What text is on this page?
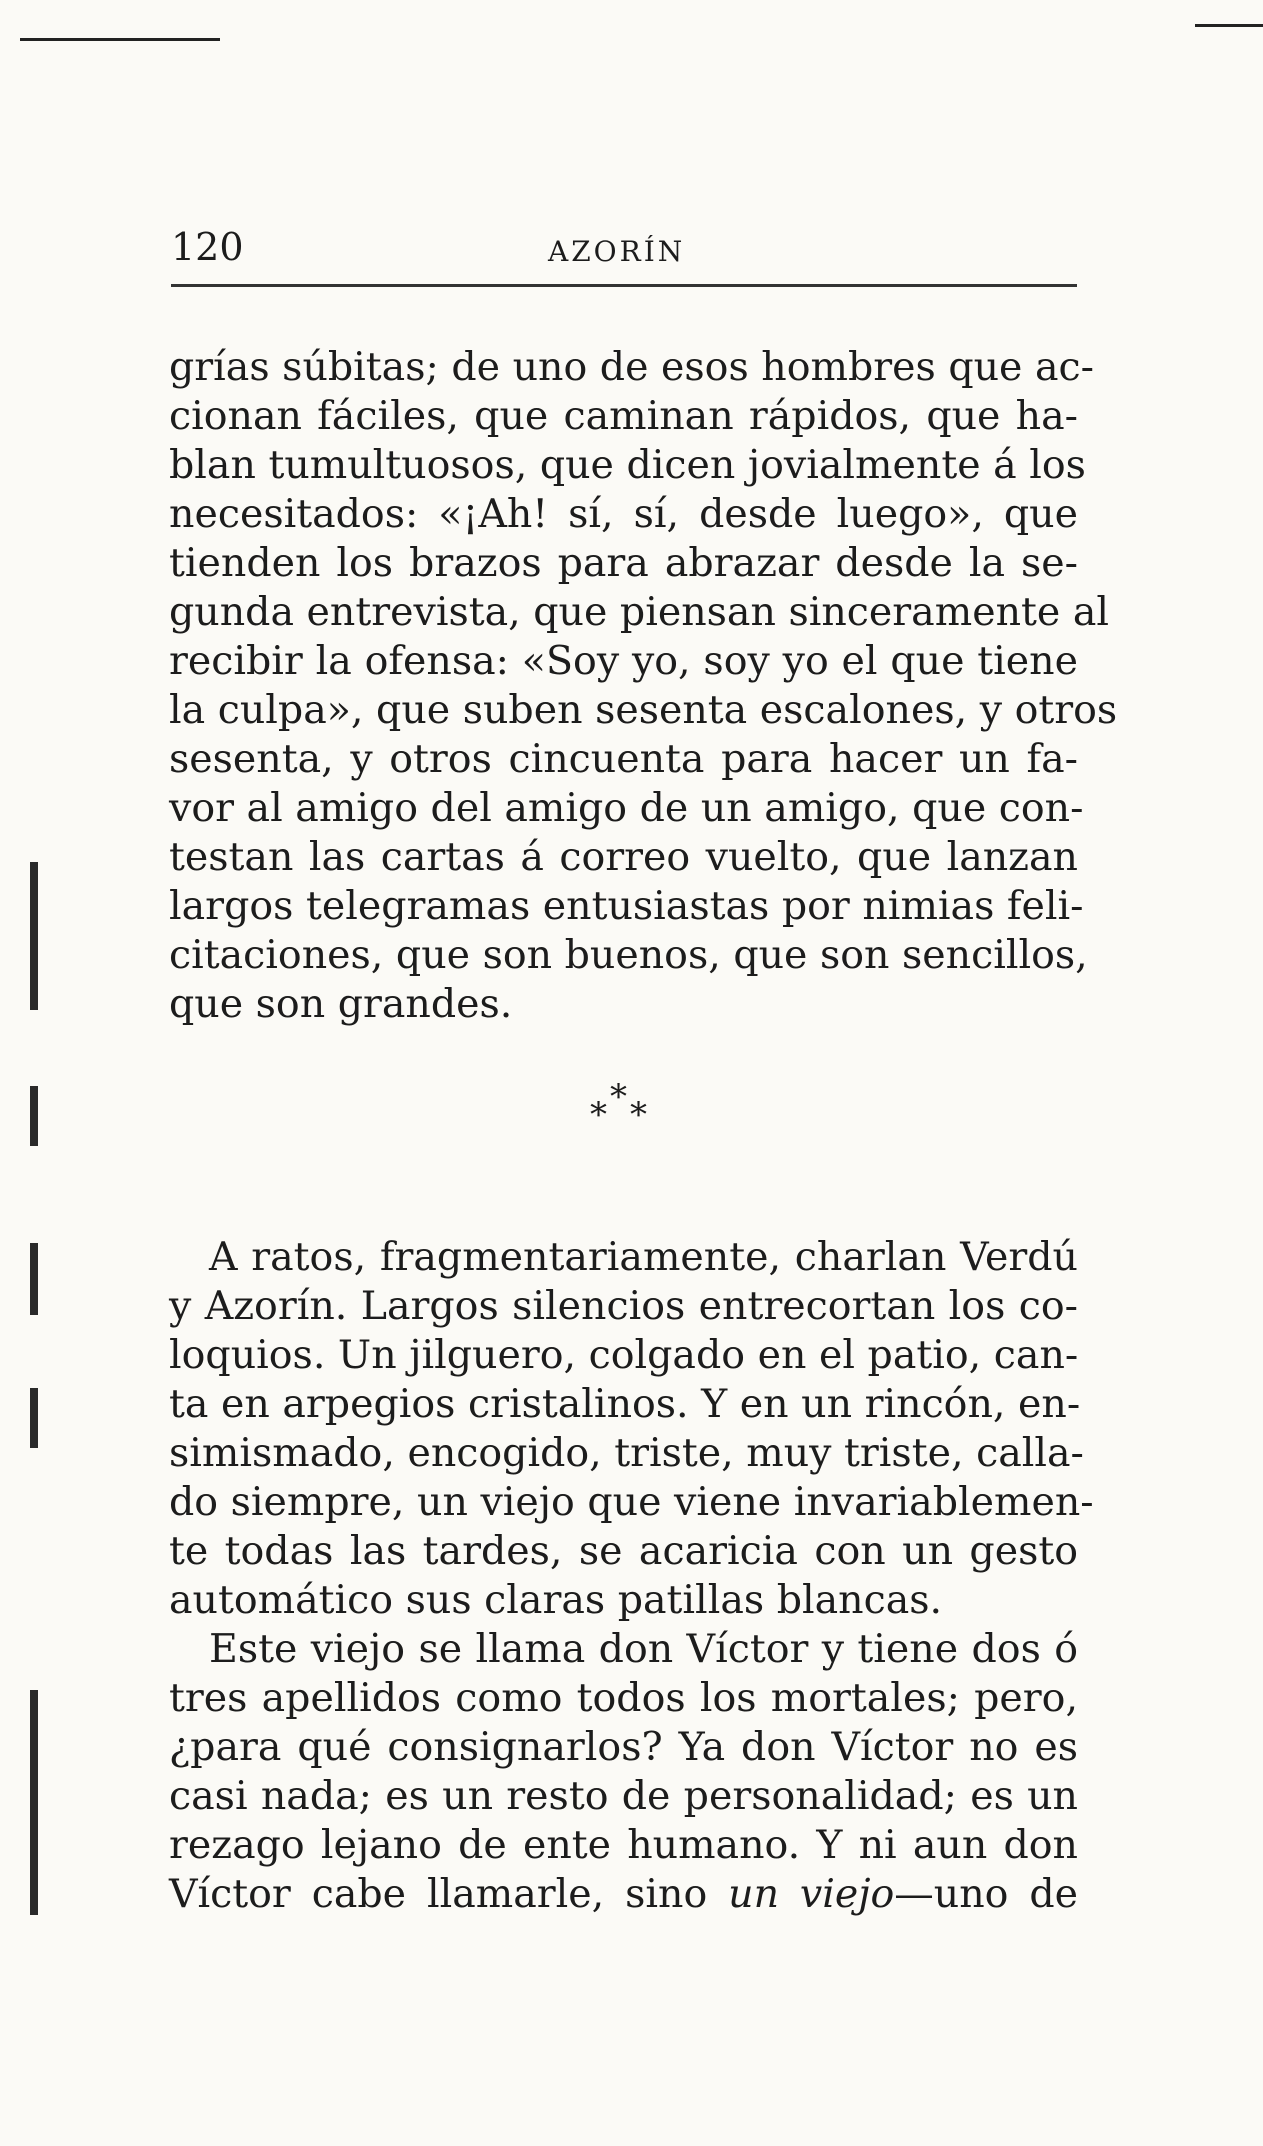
120	AZORÍN
grías súbitas; de uno de esos hombres que ac-
cionan fáciles, que caminan rápidos, que ha-
blan tumultuosos, que dicen jovialmente á los
necesitados: «¡Ah! sí, sí, desde luego», que
tienden los brazos para abrazar desde la se-
gunda entrevista, que piensan sinceramente al
recibir la ofensa: «Soy yo, soy yo el que tiene
la culpa», que suben sesenta escalones, y otros
sesenta, y otros cincuenta para hacer un fa-
vor al amigo del amigo de un amigo, que con-
testan las cartas á correo vuelto, que lanzan
largos telegramas entusiastas por nimias feli-
citaciones, que son buenos, que son sencillos,
que son grandes.
*
* *
A ratos, fragmentariamente, charlan Verdú
y Azorín. Largos silencios entrecortan los co-
loquios. Un jilguero, colgado en el patio, can-
ta en arpegios cristalinos. Y en un rincón, en-
simismado, encogido, triste, muy triste, calla-
do siempre, un viejo que viene invariablemen-
te todas las tardes, se acaricia con un gesto
automático sus claras patillas blancas.
Este viejo se llama don Víctor y tiene dos ó
tres apellidos como todos los mortales; pero,
¿para qué consignarlos? Ya don Víctor no es
casi nada; es un resto de personalidad; es un
rezago lejano de ente humano. Y ni aun don
Víctor cabe llamarle, sino un viejo—uno de
